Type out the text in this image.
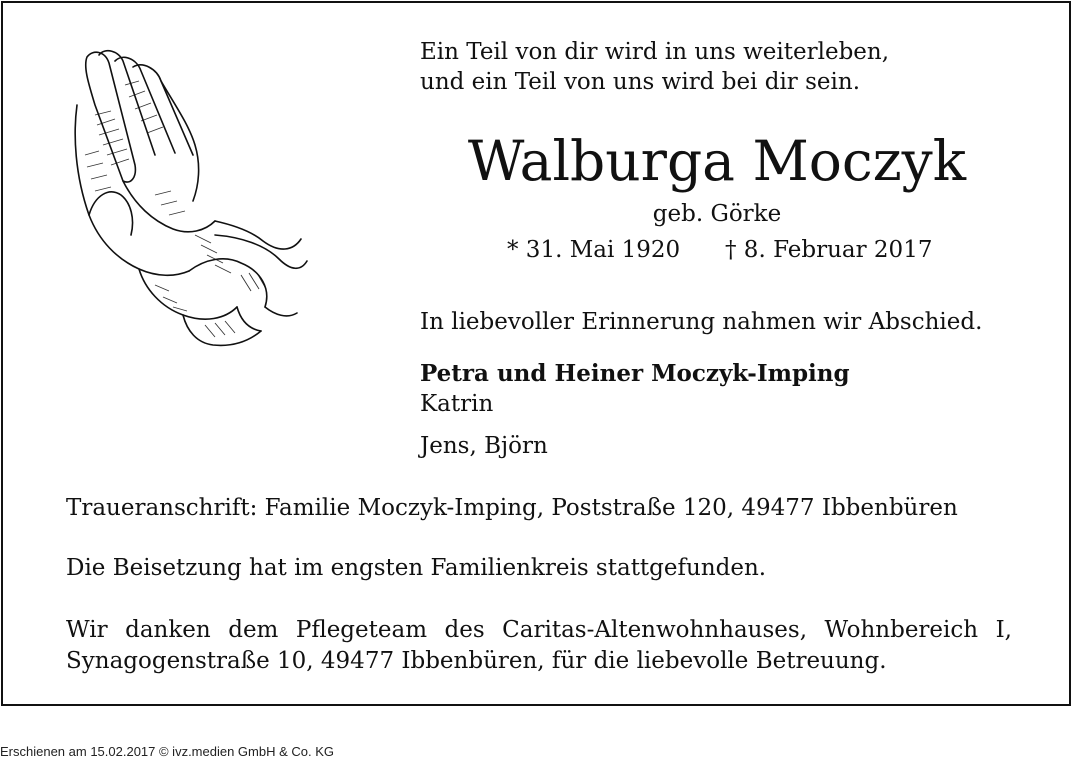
Ein Teil von dir wird in uns weiterleben,
und ein Teil von uns wird bei dir sein.
Walburga Moczyk
geb. Görke
* 31. Mai 1920 † 8. Februar 2017
In liebevoller Erinnerung nahmen wir Abschied.
Petra und Heiner Moczyk-Imping
Katrin
Jens, Björn
Traueranschrift: Familie Moczyk-Imping, Poststraße 120, 49477 Ibbenbüren
Die Beisetzung hat im engsten Familienkreis stattgefunden.
Wir danken dem Pflegeteam des Caritas-Altenwohnhauses, Wohnbereich I,
Synagogenstraße 10, 49477 Ibbenbüren, für die liebevolle Betreuung.
Erschienen am 15.02.2017 © ivz.medien GmbH & Co. KG
